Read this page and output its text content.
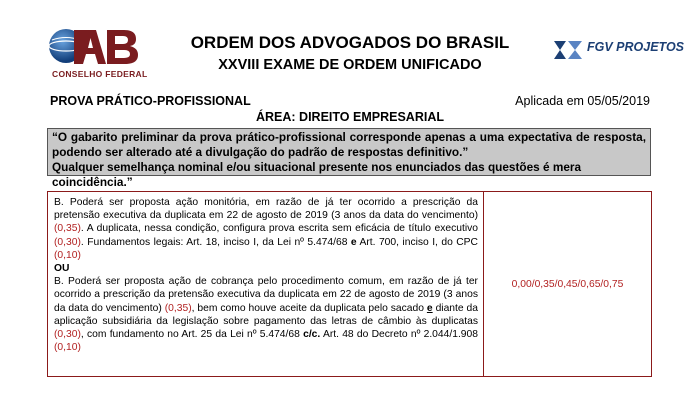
CONSELHO FEDERAL
ORDEM DOS ADVOGADOS DO BRASIL
XXVIII EXAME DE ORDEM UNIFICADO
FGV PROJETOS
PROVA PRÁTICO-PROFISSIONAL	Aplicada em 05/05/2019
ÁREA: DIREITO EMPRESARIAL
“O gabarito preliminar da prova prático-profissional corresponde apenas a uma expectativa de resposta,
podendo ser alterado até a divulgação do padrão de respostas definitivo.”
Qualquer semelhança nominal e/ou situacional presente nos enunciados das questões é mera coincidência.”

B. Poderá ser proposta ação monitória, em razão de já ter ocorrido a prescrição da pretensão executiva da duplicata em 22 de agosto de 2019 (3 anos da data do vencimento) (0,35). A duplicata, nessa condição, configura prova escrita sem eficácia de título executivo (0,30). Fundamentos legais: Art. 18, inciso I, da Lei nº 5.474/68 e Art. 700, inciso I, do CPC (0,10)

OU

B. Poderá ser proposta ação de cobrança pelo procedimento comum, em razão de já ter ocorrido a prescrição da pretensão executiva da duplicata em 22 de agosto de 2019 (3 anos da data do vencimento) (0,35), bem como houve aceite da duplicata pelo sacado e diante da aplicação subsidiária da legislação sobre pagamento das letras de câmbio às duplicatas (0,30), com fundamento no Art. 25 da Lei nº 5.474/68 c/c. Art. 48 do Decreto nº 2.044/1.908 (0,10)

0,00/0,35/0,45/0,65/0,75
